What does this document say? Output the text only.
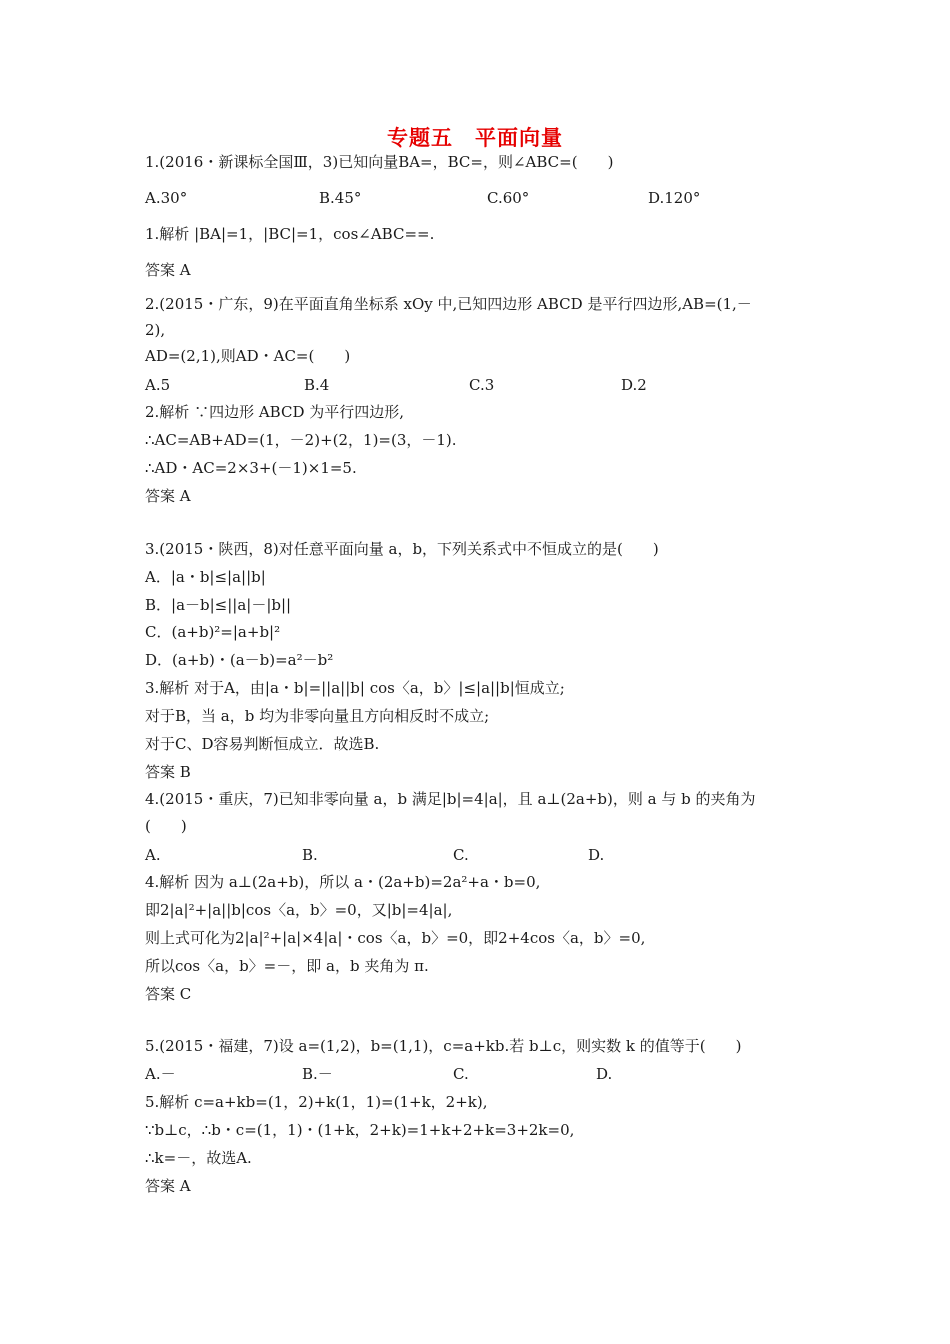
专题五　平面向量
1.(2016・新课标全国Ⅲ，3)已知向量BA=，BC=，则∠ABC=(　　)
A.30°	B.45°	C.60°	D.120°
1.解析 |BA|=1，|BC|=1，cos∠ABC==.
答案 A
2.(2015・广东，9)在平面直角坐标系 xOy 中,已知四边形 ABCD 是平行四边形,AB=(1,－
2),
AD=(2,1),则AD・AC=(　　)
A.5	B.4	C.3	D.2
2.解析 ∵四边形 ABCD 为平行四边形,
∴AC=AB+AD=(1，－2)+(2，1)=(3，－1).
∴AD・AC=2×3+(－1)×1=5.
答案 A
3.(2015・陕西，8)对任意平面向量 a，b，下列关系式中不恒成立的是(　　)
A．|a・b|≤|a||b|
B．|a－b|≤||a|－|b||
C．(a+b)²=|a+b|²
D．(a+b)・(a－b)=a²－b²
3.解析 对于A，由|a・b|=||a||b| cos〈a，b〉|≤|a||b|恒成立;
对于B，当 a，b 均为非零向量且方向相反时不成立;
对于C、D容易判断恒成立．故选B.
答案 B
4.(2015・重庆，7)已知非零向量 a，b 满足|b|=4|a|，且 a⊥(2a+b)，则 a 与 b 的夹角为
(　　)
A.	B.	C.	D.
4.解析 因为 a⊥(2a+b)，所以 a・(2a+b)=2a²+a・b=0,
即2|a|²+|a||b|cos〈a，b〉=0，又|b|=4|a|,
则上式可化为2|a|²+|a|×4|a|・cos〈a，b〉=0，即2+4cos〈a，b〉=0,
所以cos〈a，b〉=－，即 a，b 夹角为 π.
答案 C
5.(2015・福建，7)设 a=(1,2)，b=(1,1)，c=a+kb.若 b⊥c，则实数 k 的值等于(　　)
A.－	B.－	C.	D.
5.解析 c=a+kb=(1，2)+k(1，1)=(1+k，2+k),
∵b⊥c，∴b・c=(1，1)・(1+k，2+k)=1+k+2+k=3+2k=0,
∴k=－，故选A.
答案 A
